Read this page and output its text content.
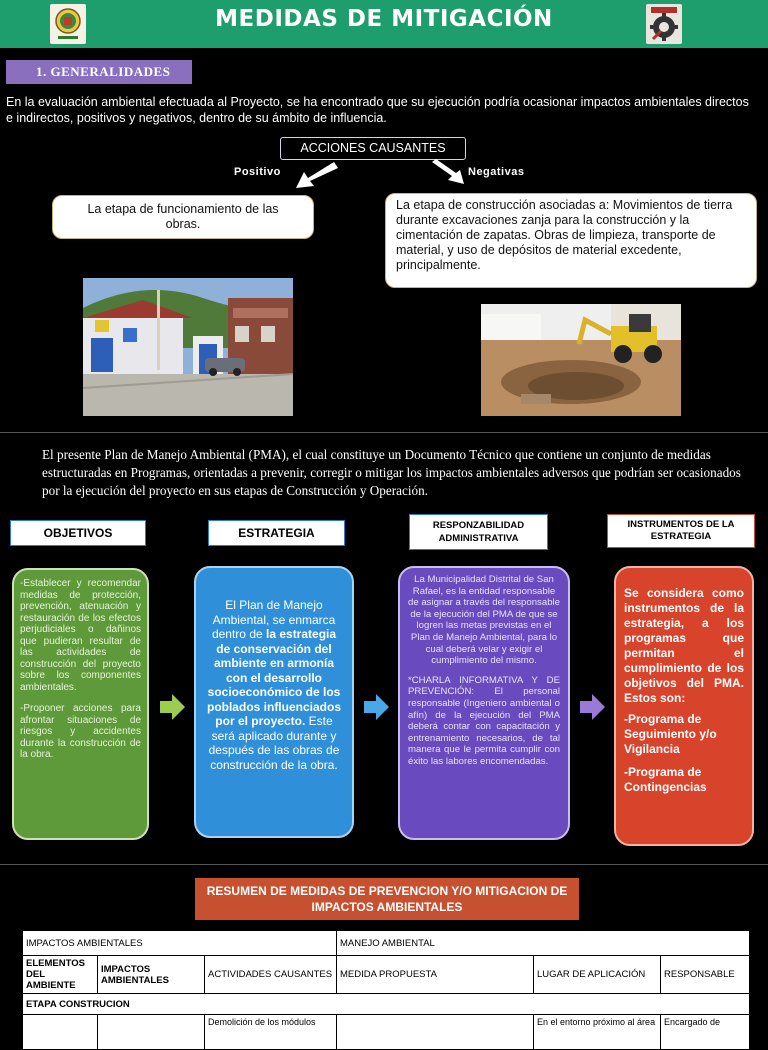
MEDIDAS DE MITIGACIÓN
1. GENERALIDADES
En la evaluación ambiental efectuada al Proyecto, se ha encontrado que su ejecución podría ocasionar impactos ambientales directos e indirectos, positivos y negativos, dentro de su ámbito de influencia.
ACCIONES CAUSANTES
Positivo	Negativas
La etapa de funcionamiento de las obras.
La etapa de construcción asociadas a: Movimientos de tierra durante excavaciones zanja para la construcción y la cimentación de zapatas. Obras de limpieza, transporte de material, y uso de depósitos de material excedente, principalmente.
El presente Plan de Manejo Ambiental (PMA), el cual constituye un Documento Técnico que contiene un conjunto de medidas estructuradas en Programas, orientadas a prevenir, corregir o mitigar los impactos ambientales adversos que podrían ser ocasionados por la ejecución del proyecto en sus etapas de Construcción y Operación.
OBJETIVOS	ESTRATEGIA
RESPONZABILIDAD ADMINISTRATIVA
INSTRUMENTOS DE LA ESTRATEGIA
-Establecer y recomendar medidas de protección, prevención, atenuación y restauración de los efectos perjudiciales o dañinos que pudieran resultar de las actividades de construcción del proyecto sobre los componentes ambientales.
-Proponer acciones para afrontar situaciones de riesgos y accidentes durante la construcción de la obra.
El Plan de Manejo Ambiental, se enmarca dentro de la estrategia de conservación del ambiente en armonía con el desarrollo socioeconómico de los poblados influenciados por el proyecto. Este será aplicado durante y después de las obras de construcción de la obra.
La Municipalidad Distrital de San Rafael, es la entidad responsable de asignar a través del responsable de la ejecución del PMA de que se logren las metas previstas en el Plan de Manejo Ambiental, para lo cual deberá velar y exigir el cumplimiento del mismo.
*CHARLA INFORMATIVA Y DE PREVENCIÓN: El personal responsable (Ingeniero ambiental o afín) de la ejecución del PMA deberá contar con capacitación y entrenamiento necesarios, de tal manera que le permita cumplir con éxito las labores encomendadas.
Se considera como instrumentos de la estrategia, a los programas que permitan el cumplimiento de los objetivos del PMA. Estos son:
-Programa de Seguimiento y/o Vigilancia
-Programa de Contingencias
RESUMEN DE MEDIDAS DE PREVENCION Y/O MITIGACION DE IMPACTOS AMBIENTALES
IMPACTOS AMBIENTALES			MANEJO AMBIENTAL		
ELEMENTOS DEL AMBIENTE	IMPACTOS AMBIENTALES	ACTIVIDADES CAUSANTES	MEDIDA PROPUESTA	LUGAR DE APLICACIÓN	RESPONSABLE
ETAPA CONSTRUCION					
		Demolición de los módulos		En el entorno próximo al área	Encargado de
